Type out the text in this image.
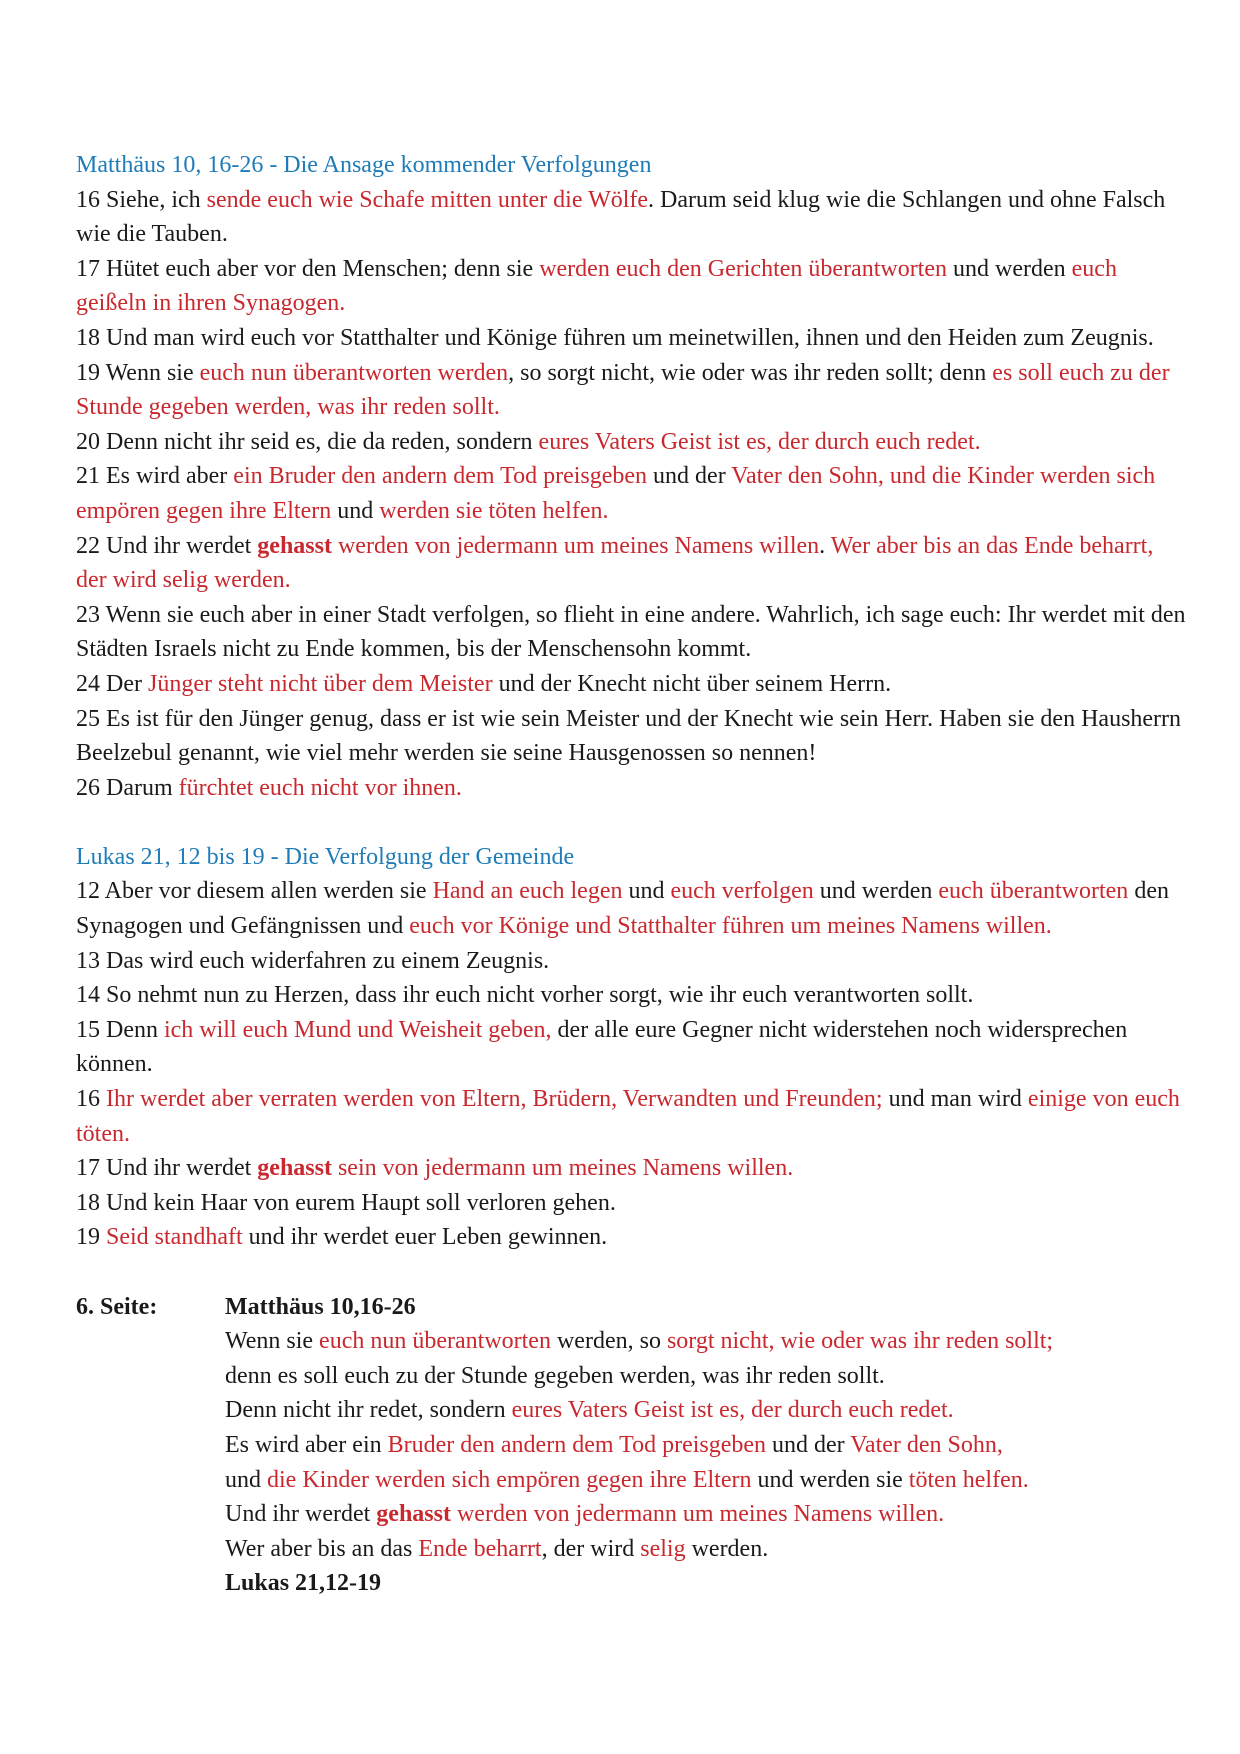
Matthäus 10, 16-26 - Die Ansage kommender Verfolgungen
16 Siehe, ich sende euch wie Schafe mitten unter die Wölfe. Darum seid klug wie die Schlangen und ohne Falsch wie die Tauben.
17 Hütet euch aber vor den Menschen; denn sie werden euch den Gerichten überantworten und werden euch geißeln in ihren Synagogen.
18 Und man wird euch vor Statthalter und Könige führen um meinetwillen, ihnen und den Heiden zum Zeugnis.
19 Wenn sie euch nun überantworten werden, so sorgt nicht, wie oder was ihr reden sollt; denn es soll euch zu der Stunde gegeben werden, was ihr reden sollt.
20 Denn nicht ihr seid es, die da reden, sondern eures Vaters Geist ist es, der durch euch redet.
21 Es wird aber ein Bruder den andern dem Tod preisgeben und der Vater den Sohn, und die Kinder werden sich empören gegen ihre Eltern und werden sie töten helfen.
22 Und ihr werdet gehasst werden von jedermann um meines Namens willen. Wer aber bis an das Ende beharrt, der wird selig werden.
23 Wenn sie euch aber in einer Stadt verfolgen, so flieht in eine andere. Wahrlich, ich sage euch: Ihr werdet mit den Städten Israels nicht zu Ende kommen, bis der Menschensohn kommt.
24 Der Jünger steht nicht über dem Meister und der Knecht nicht über seinem Herrn.
25 Es ist für den Jünger genug, dass er ist wie sein Meister und der Knecht wie sein Herr. Haben sie den Hausherrn Beelzebul genannt, wie viel mehr werden sie seine Hausgenossen so nennen!
26 Darum fürchtet euch nicht vor ihnen.
Lukas 21, 12 bis 19 - Die Verfolgung der Gemeinde
12 Aber vor diesem allen werden sie Hand an euch legen und euch verfolgen und werden euch überantworten den Synagogen und Gefängnissen und euch vor Könige und Statthalter führen um meines Namens willen.
13 Das wird euch widerfahren zu einem Zeugnis.
14 So nehmt nun zu Herzen, dass ihr euch nicht vorher sorgt, wie ihr euch verantworten sollt.
15 Denn ich will euch Mund und Weisheit geben, der alle eure Gegner nicht widerstehen noch widersprechen können.
16 Ihr werdet aber verraten werden von Eltern, Brüdern, Verwandten und Freunden; und man wird einige von euch töten.
17 Und ihr werdet gehasst sein von jedermann um meines Namens willen.
18 Und kein Haar von eurem Haupt soll verloren gehen.
19 Seid standhaft und ihr werdet euer Leben gewinnen.
6. Seite:	Matthäus 10,16-26
Wenn sie euch nun überantworten werden, so sorgt nicht, wie oder was ihr reden sollt;
denn es soll euch zu der Stunde gegeben werden, was ihr reden sollt.
Denn nicht ihr redet, sondern eures Vaters Geist ist es, der durch euch redet.
Es wird aber ein Bruder den andern dem Tod preisgeben und der Vater den Sohn,
und die Kinder werden sich empören gegen ihre Eltern und werden sie töten helfen.
Und ihr werdet gehasst werden von jedermann um meines Namens willen.
Wer aber bis an das Ende beharrt, der wird selig werden.
Lukas 21,12-19
